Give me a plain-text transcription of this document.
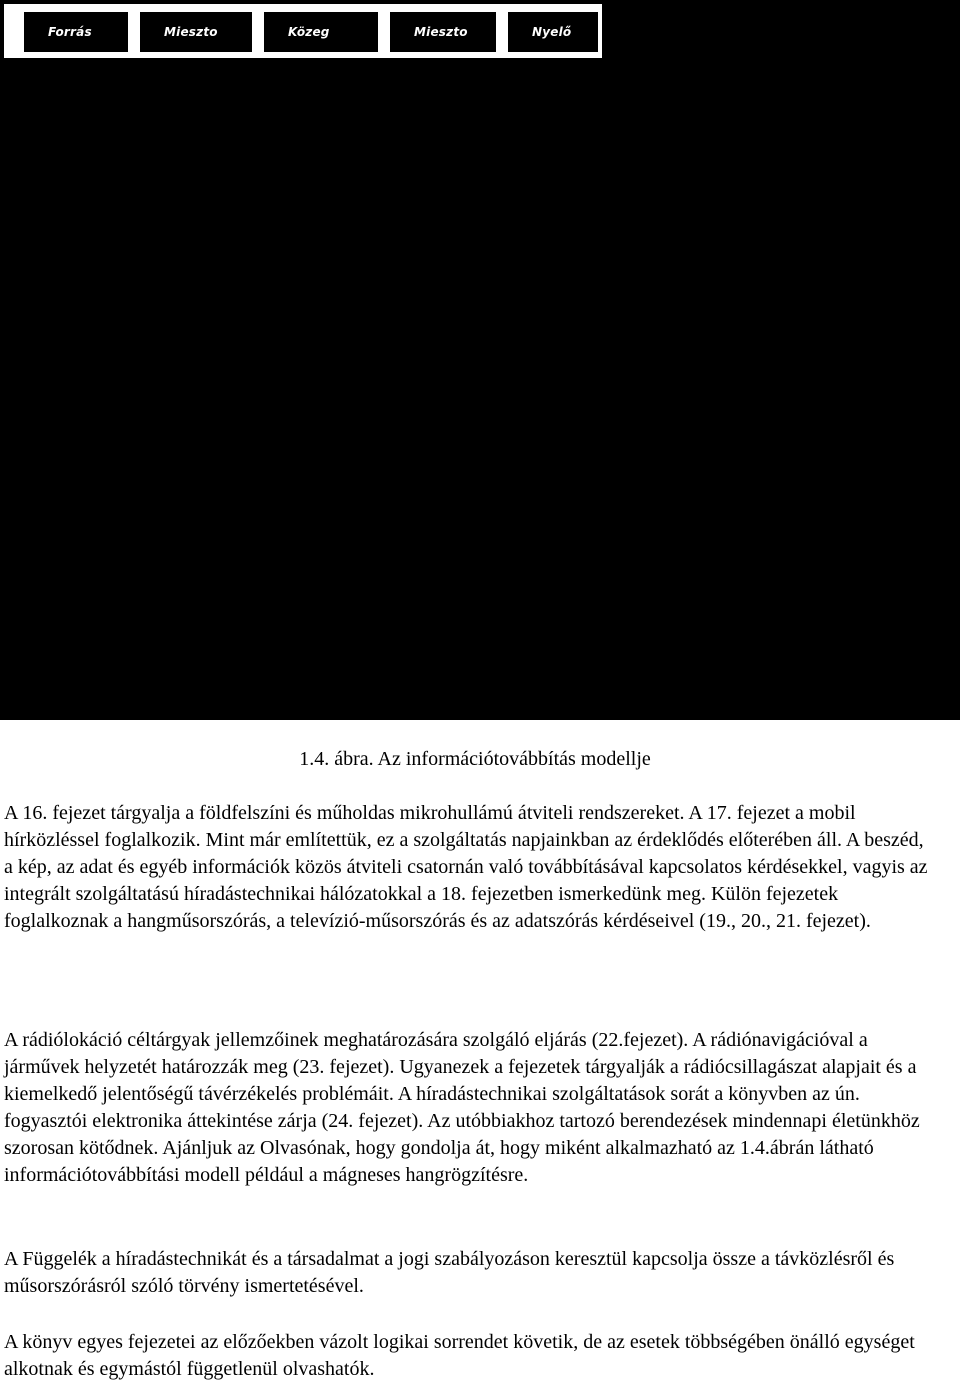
Forrás	Mieszto	Közeg	Mieszto	Nyelő
1.4. ábra. Az információtovábbítás modellje
A 16. fejezet tárgyalja a földfelszíni és műholdas mikrohullámú átviteli rendszereket. A 17. fejezet a mobil hírközléssel foglalkozik. Mint már említettük, ez a szolgáltatás napjainkban az érdeklődés előterében áll. A beszéd, a kép, az adat és egyéb információk közös átviteli csatornán való továbbításával kapcsolatos kérdésekkel, vagyis az integrált szolgáltatású híradástechnikai hálózatokkal a 18. fejezetben ismerkedünk meg. Külön fejezetek foglalkoznak a hangműsorszórás, a televízió-műsorszórás és az adatszórás kérdéseivel (19., 20., 21. fejezet).
A rádiólokáció céltárgyak jellemzőinek meghatározására szolgáló eljárás (22.fejezet). A rádiónavigációval a járművek helyzetét határozzák meg (23. fejezet). Ugyanezek a fejezetek tárgyalják a rádiócsillagászat alapjait és a kiemelkedő jelentőségű távérzékelés problémáit. A híradástechnikai szolgáltatások sorát a könyvben az ún. fogyasztói elektronika áttekintése zárja (24. fejezet). Az utóbbiakhoz tartozó berendezések mindennapi életünkhöz szorosan kötődnek. Ajánljuk az Olvasónak, hogy gondolja át, hogy miként alkalmazható az 1.4.ábrán látható információtovábbítási modell például a mágneses hangrögzítésre.
A Függelék a híradástechnikát és a társadalmat a jogi szabályozáson keresztül kapcsolja össze a távközlésről és műsorszórásról szóló törvény ismertetésével.
A könyv egyes fejezetei az előzőekben vázolt logikai sorrendet követik, de az esetek többségében önálló egységet alkotnak és egymástól függetlenül olvashatók.
